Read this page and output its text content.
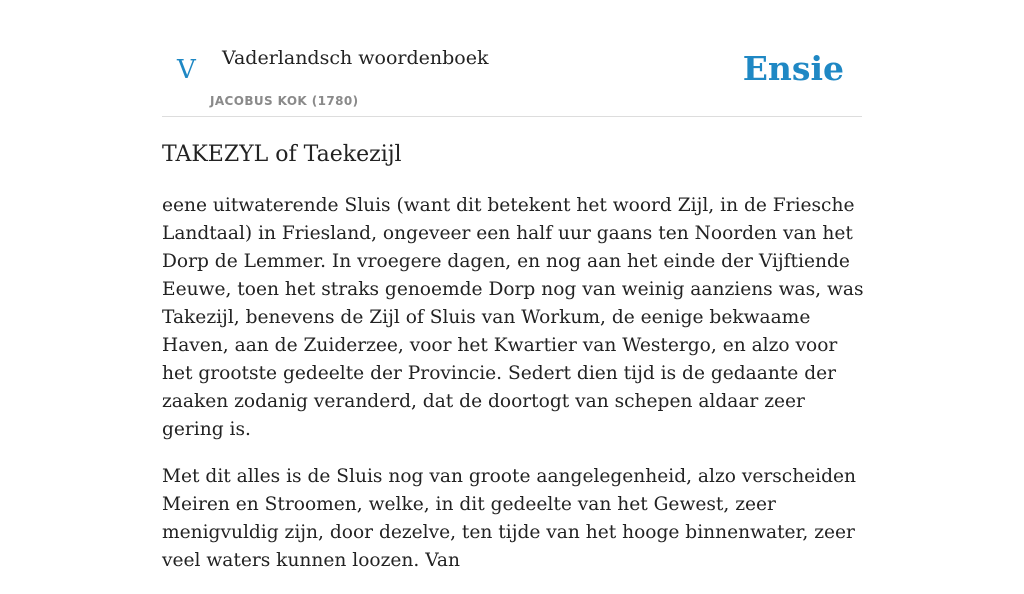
V Vaderlandsch woordenboek
JACOBUS KOK (1780)
Ensie
TAKEZYL of Taekezijl

eene uitwaterende Sluis (want dit betekent het woord Zijl, in de Friesche Landtaal) in Friesland, ongeveer een half uur gaans ten Noorden van het Dorp de Lemmer. In vroegere dagen, en nog aan het einde der Vijftiende Eeuwe, toen het straks genoemde Dorp nog van weinig aanziens was, was Takezijl, benevens de Zijl of Sluis van Workum, de eenige bekwaame Haven, aan de Zuiderzee, voor het Kwartier van Westergo, en alzo voor het grootste gedeelte der Provincie. Sedert dien tijd is de gedaante der zaaken zodanig veranderd, dat de doortogt van schepen aldaar zeer gering is.

Met dit alles is de Sluis nog van groote aangelegenheid, alzo verscheiden Meiren en Stroomen, welke, in dit gedeelte van het Gewest, zeer menigvuldig zijn, door dezelve, ten tijde van het hooge binnenwater, zeer veel waters kunnen loozen. Van
